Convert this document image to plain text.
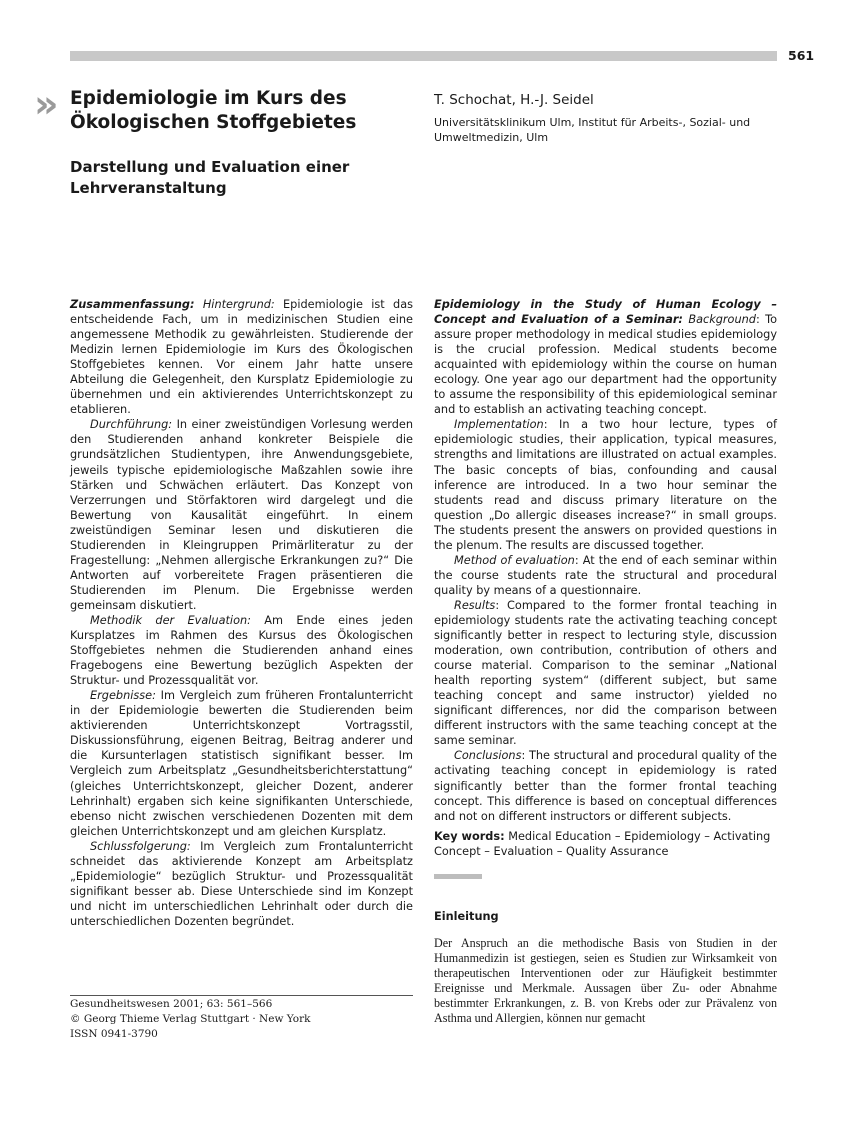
561
» Epidemiologie im Kurs des Ökologischen Stoffgebietes
Darstellung und Evaluation einer Lehrveranstaltung
T. Schochat, H.-J. Seidel
Universitätsklinikum Ulm, Institut für Arbeits-, Sozial- und Umweltmedizin, Ulm

Zusammenfassung: Hintergrund: Epidemiologie ist das entscheidende Fach, um in medizinischen Studien eine angemessene Methodik zu gewährleisten. Studierende der Medizin lernen Epidemiologie im Kurs des Ökologischen Stoffgebietes kennen. Vor einem Jahr hatte unsere Abteilung die Gelegenheit, den Kursplatz Epidemiologie zu übernehmen und ein aktivierendes Unterrichtskonzept zu etablieren.

Durchführung: In einer zweistündigen Vorlesung werden den Studierenden anhand konkreter Beispiele die grundsätzlichen Studientypen, ihre Anwendungsgebiete, jeweils typische epidemiologische Maßzahlen sowie ihre Stärken und Schwächen erläutert. Das Konzept von Verzerrungen und Störfaktoren wird dargelegt und die Bewertung von Kausalität eingeführt. In einem zweistündigen Seminar lesen und diskutieren die Studierenden in Kleingruppen Primärliteratur zu der Fragestellung: „Nehmen allergische Erkrankungen zu?“ Die Antworten auf vorbereitete Fragen präsentieren die Studierenden im Plenum. Die Ergebnisse werden gemeinsam diskutiert.

Methodik der Evaluation: Am Ende eines jeden Kursplatzes im Rahmen des Kursus des Ökologischen Stoffgebietes nehmen die Studierenden anhand eines Fragebogens eine Bewertung bezüglich Aspekten der Struktur- und Prozessqualität vor.

Ergebnisse: Im Vergleich zum früheren Frontalunterricht in der Epidemiologie bewerten die Studierenden beim aktivierenden Unterrichtskonzept Vortragsstil, Diskussionsführung, eigenen Beitrag, Beitrag anderer und die Kursunterlagen statistisch signifikant besser. Im Vergleich zum Arbeitsplatz „Gesundheitsberichterstattung“ (gleiches Unterrichtskonzept, gleicher Dozent, anderer Lehrinhalt) ergaben sich keine signifikanten Unterschiede, ebenso nicht zwischen verschiedenen Dozenten mit dem gleichen Unterrichtskonzept und am gleichen Kursplatz.

Schlussfolgerung: Im Vergleich zum Frontalunterricht schneidet das aktivierende Konzept am Arbeitsplatz „Epidemiologie“ bezüglich Struktur- und Prozessqualität signifikant besser ab. Diese Unterschiede sind im Konzept und nicht im unterschiedlichen Lehrinhalt oder durch die unterschiedlichen Dozenten begründet.

Epidemiology in the Study of Human Ecology – Concept and Evaluation of a Seminar: Background: To assure proper methodology in medical studies epidemiology is the crucial profession. Medical students become acquainted with epidemiology within the course on human ecology. One year ago our department had the opportunity to assume the responsibility of this epidemiological seminar and to establish an activating teaching concept.

Implementation: In a two hour lecture, types of epidemiologic studies, their application, typical measures, strengths and limitations are illustrated on actual examples. The basic concepts of bias, confounding and causal inference are introduced. In a two hour seminar the students read and discuss primary literature on the question „Do allergic diseases increase?“ in small groups. The students present the answers on provided questions in the plenum. The results are discussed together.

Method of evaluation: At the end of each seminar within the course students rate the structural and procedural quality by means of a questionnaire.

Results: Compared to the former frontal teaching in epidemiology students rate the activating teaching concept significantly better in respect to lecturing style, discussion moderation, own contribution, contribution of others and course material. Comparison to the seminar „National health reporting system“ (different subject, but same teaching concept and same instructor) yielded no significant differences, nor did the comparison between different instructors with the same teaching concept at the same seminar.

Conclusions: The structural and procedural quality of the activating teaching concept in epidemiology is rated significantly better than the former frontal teaching concept. This difference is based on conceptual differences and not on different instructors or different subjects.

Key words: Medical Education – Epidemiology – Activating Concept – Evaluation – Quality Assurance
Einleitung

Der Anspruch an die methodische Basis von Studien in der Humanmedizin ist gestiegen, seien es Studien zur Wirksamkeit von therapeutischen Interventionen oder zur Häufigkeit bestimmter Ereignisse und Merkmale. Aussagen über Zu- oder Abnahme bestimmter Erkrankungen, z. B. von Krebs oder zur Prävalenz von Asthma und Allergien, können nur gemacht

Gesundheitswesen 2001; 63: 561–566
© Georg Thieme Verlag Stuttgart · New York
ISSN 0941-3790
